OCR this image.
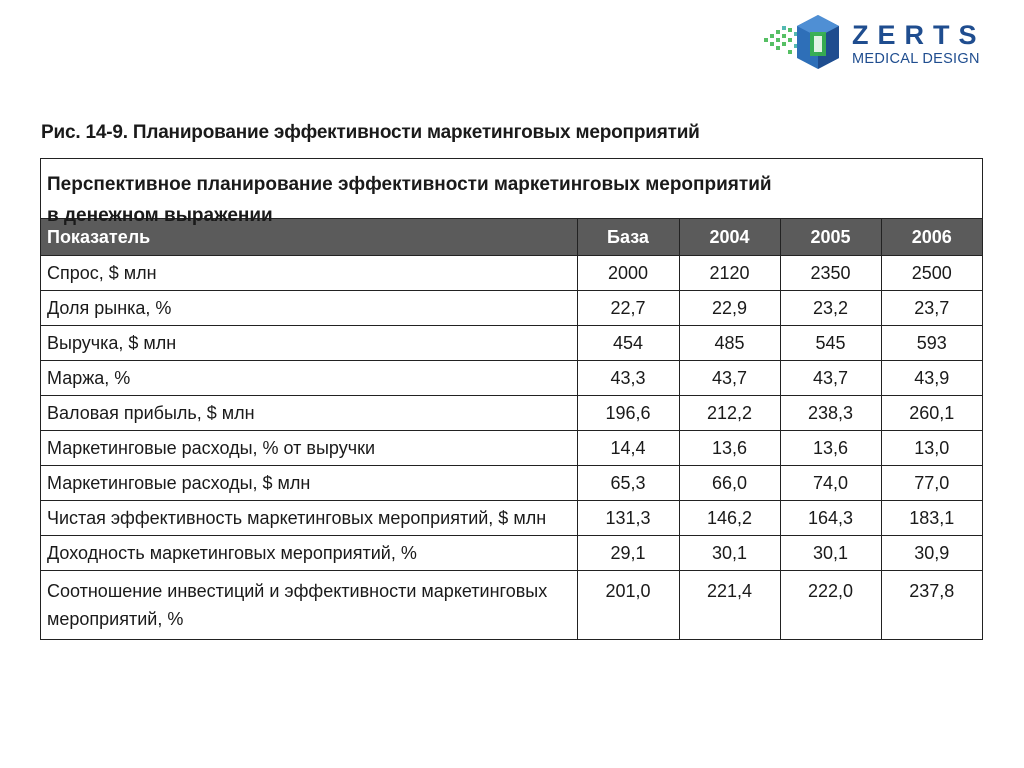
ZERTS
MEDICAL DESIGN
Рис. 14-9. Планирование эффективности маркетинговых мероприятий
Перспективное планирование эффективности маркетинговых мероприятий
в денежном выражении
Показатель	База	2004	2005	2006
Спрос, $ млн	2000	2120	2350	2500
Доля рынка, %	22,7	22,9	23,2	23,7
Выручка, $ млн	454	485	545	593
Маржа, %	43,3	43,7	43,7	43,9
Валовая прибыль, $ млн	196,6	212,2	238,3	260,1
Маркетинговые расходы, % от выручки	14,4	13,6	13,6	13,0
Маркетинговые расходы, $ млн	65,3	66,0	74,0	77,0
Чистая эффективность маркетинговых мероприятий, $ млн	131,3	146,2	164,3	183,1
Доходность маркетинговых мероприятий, %	29,1	30,1	30,1	30,9
Соотношение инвестиций и эффективности маркетинговых мероприятий, %	201,0	221,4	222,0	237,8
